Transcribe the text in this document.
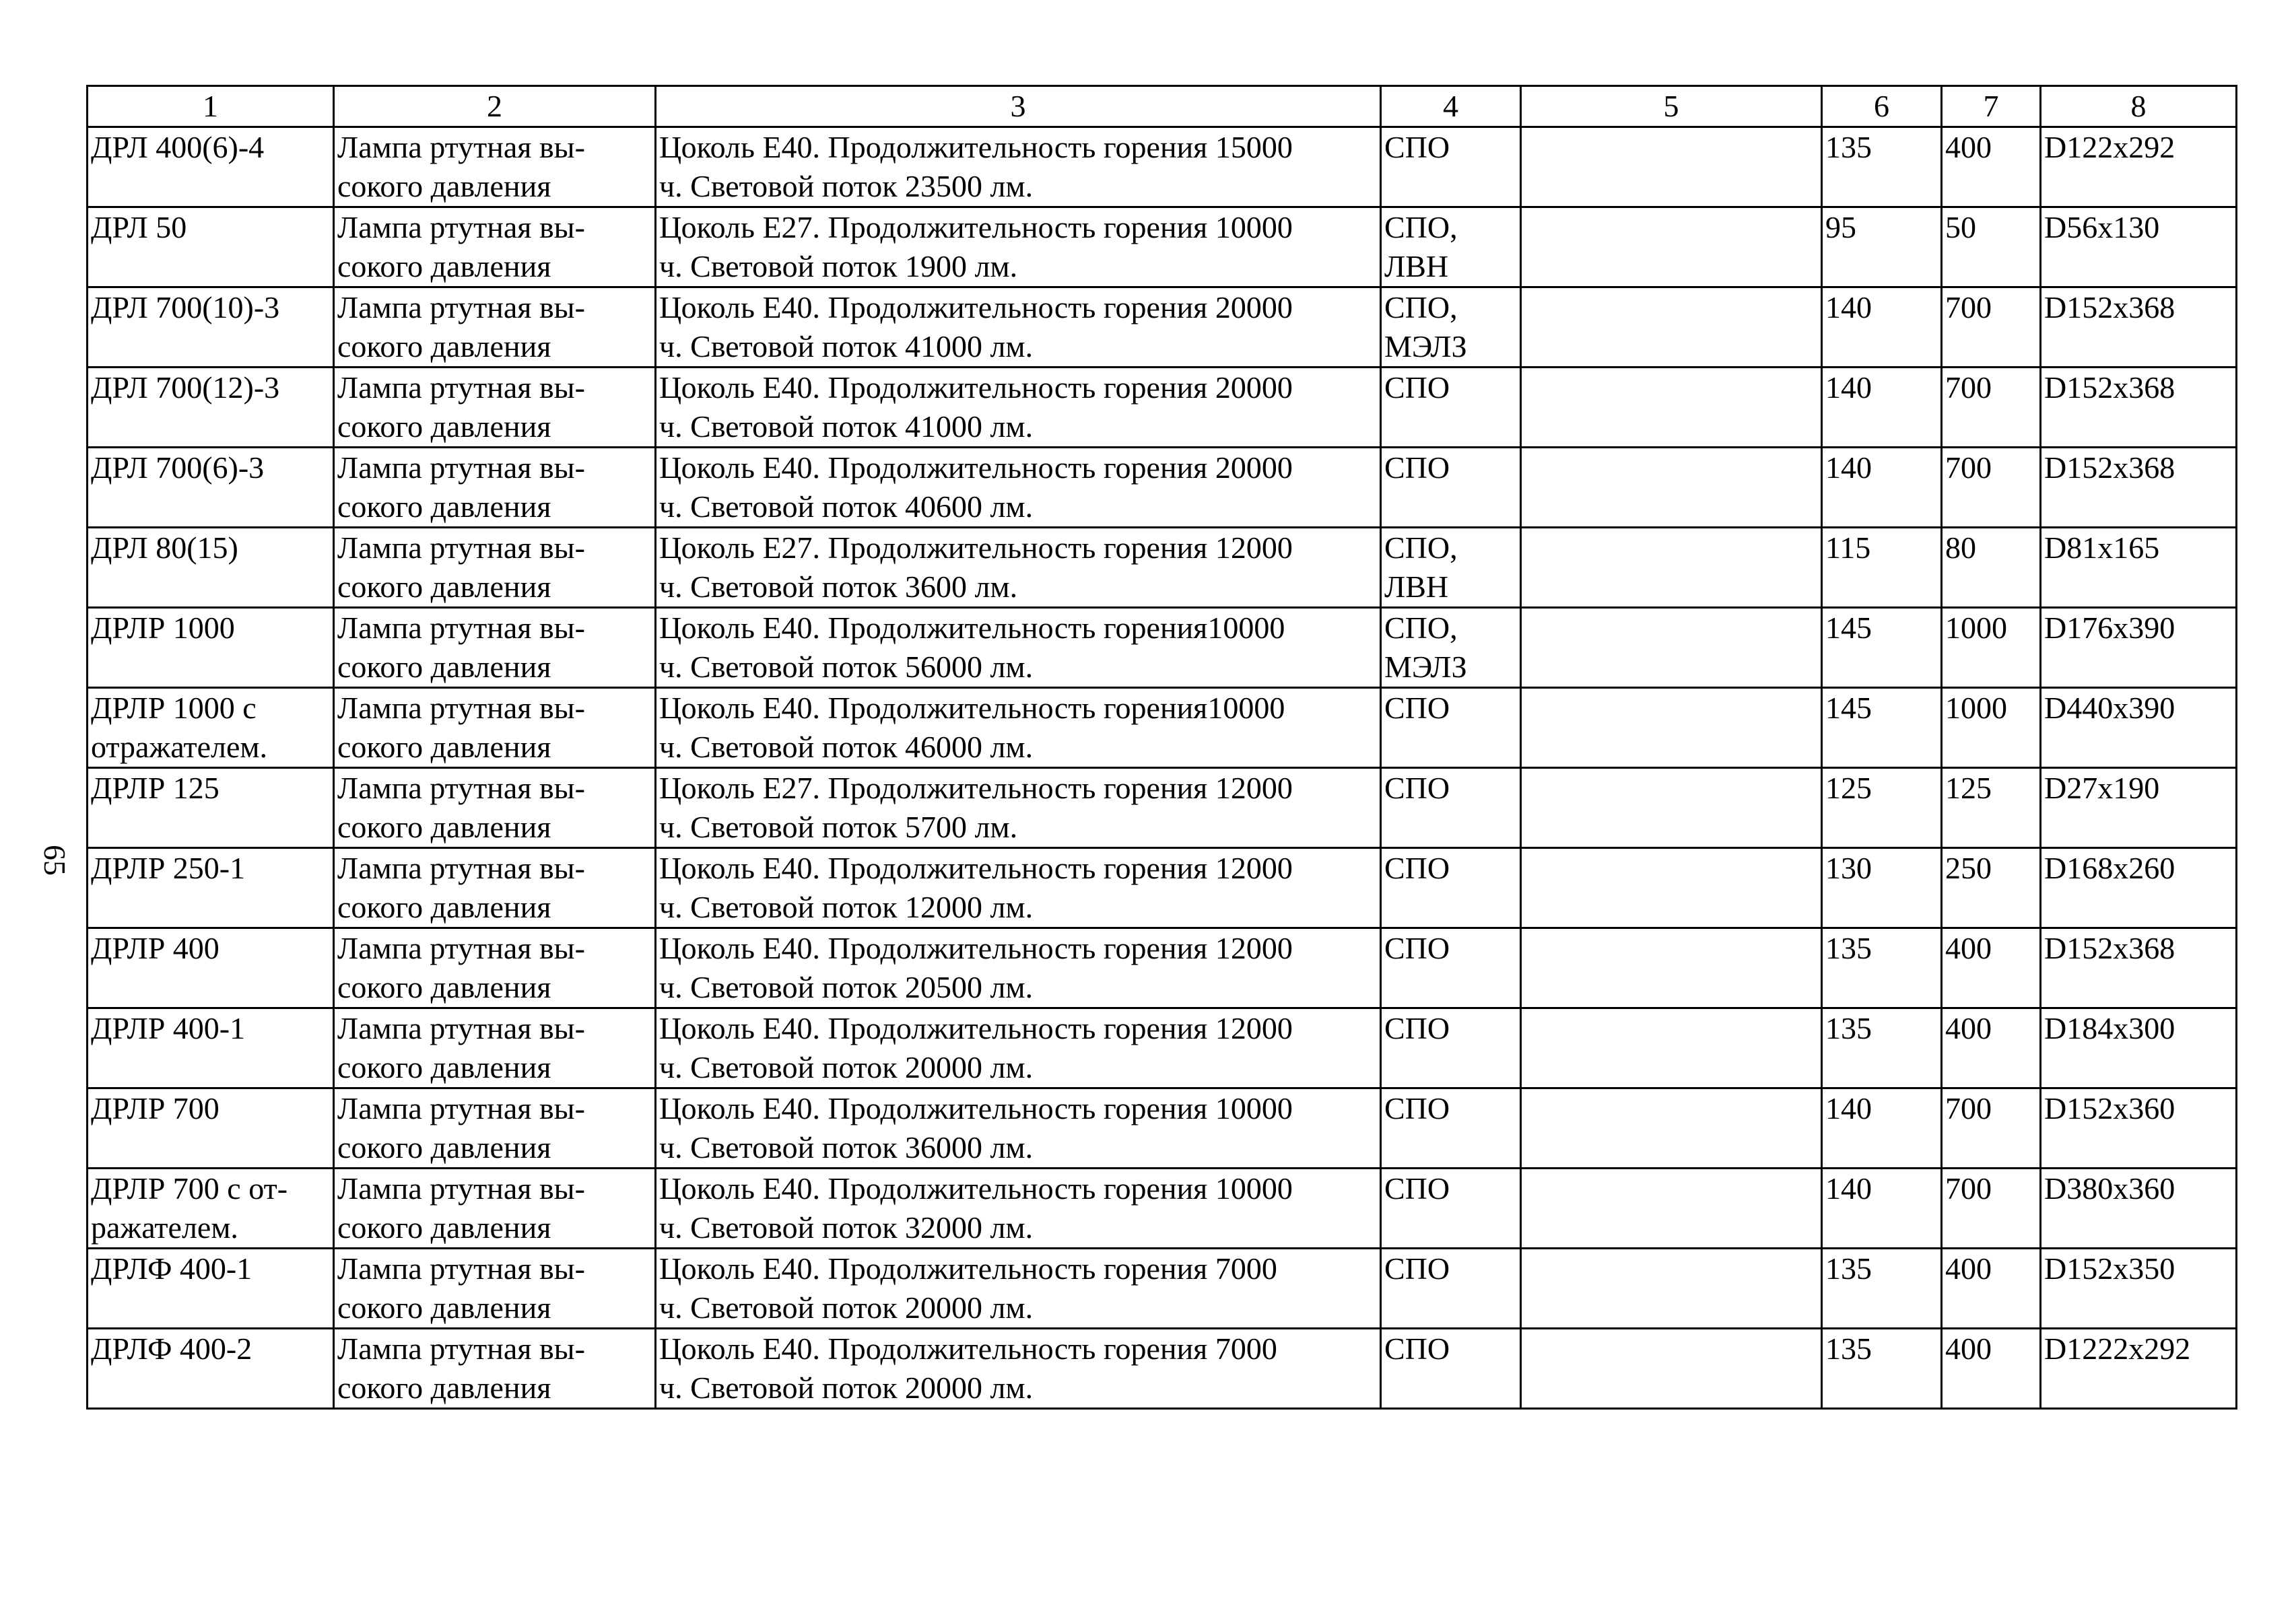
65
1	2	3	4	5	6	7	8

ДРЛ 400(6)-4	Лампа ртутная вы-
сокого давления	Цоколь Е40. Продолжительность горения 15000
ч. Световой поток 23500 лм.	СПО		135	400	D122x292

ДРЛ 50	Лампа ртутная вы-
сокого давления	Цоколь Е27. Продолжительность горения 10000
ч. Световой поток 1900 лм.	СПО,
ЛВН		95	50	D56x130

ДРЛ 700(10)-3	Лампа ртутная вы-
сокого давления	Цоколь Е40. Продолжительность горения 20000
ч. Световой поток 41000 лм.	СПО,
МЭЛЗ		140	700	D152x368

ДРЛ 700(12)-3	Лампа ртутная вы-
сокого давления	Цоколь Е40. Продолжительность горения 20000
ч. Световой поток 41000 лм.	СПО		140	700	D152x368

ДРЛ 700(6)-3	Лампа ртутная вы-
сокого давления	Цоколь Е40. Продолжительность горения 20000
ч. Световой поток 40600 лм.	СПО		140	700	D152x368

ДРЛ 80(15)	Лампа ртутная вы-
сокого давления	Цоколь Е27. Продолжительность горения 12000
ч. Световой поток 3600 лм.	СПО,
ЛВН		115	80	D81x165

ДРЛР 1000	Лампа ртутная вы-
сокого давления	Цоколь Е40. Продолжительность горения10000
ч. Световой поток 56000 лм.	СПО,
МЭЛЗ		145	1000	D176x390

ДРЛР 1000 с
отражателем.	Лампа ртутная вы-
сокого давления	Цоколь Е40. Продолжительность горения10000
ч. Световой поток 46000 лм.	СПО		145	1000	D440x390

ДРЛР 125	Лампа ртутная вы-
сокого давления	Цоколь Е27. Продолжительность горения 12000
ч. Световой поток 5700 лм.	СПО		125	125	D27x190

ДРЛР 250-1	Лампа ртутная вы-
сокого давления	Цоколь Е40. Продолжительность горения 12000
ч. Световой поток 12000 лм.	СПО		130	250	D168x260

ДРЛР 400	Лампа ртутная вы-
сокого давления	Цоколь Е40. Продолжительность горения 12000
ч. Световой поток 20500 лм.	СПО		135	400	D152x368

ДРЛР 400-1	Лампа ртутная вы-
сокого давления	Цоколь Е40. Продолжительность горения 12000
ч. Световой поток 20000 лм.	СПО		135	400	D184x300

ДРЛР 700	Лампа ртутная вы-
сокого давления	Цоколь Е40. Продолжительность горения 10000
ч. Световой поток 36000 лм.	СПО		140	700	D152x360

ДРЛР 700 с от-
ражателем.	Лампа ртутная вы-
сокого давления	Цоколь Е40. Продолжительность горения 10000
ч. Световой поток 32000 лм.	СПО		140	700	D380x360

ДРЛФ 400-1	Лампа ртутная вы-
сокого давления	Цоколь Е40. Продолжительность горения 7000
ч. Световой поток 20000 лм.	СПО		135	400	D152x350

ДРЛФ 400-2	Лампа ртутная вы-
сокого давления	Цоколь Е40. Продолжительность горения 7000
ч. Световой поток 20000 лм.	СПО		135	400	D1222x292
